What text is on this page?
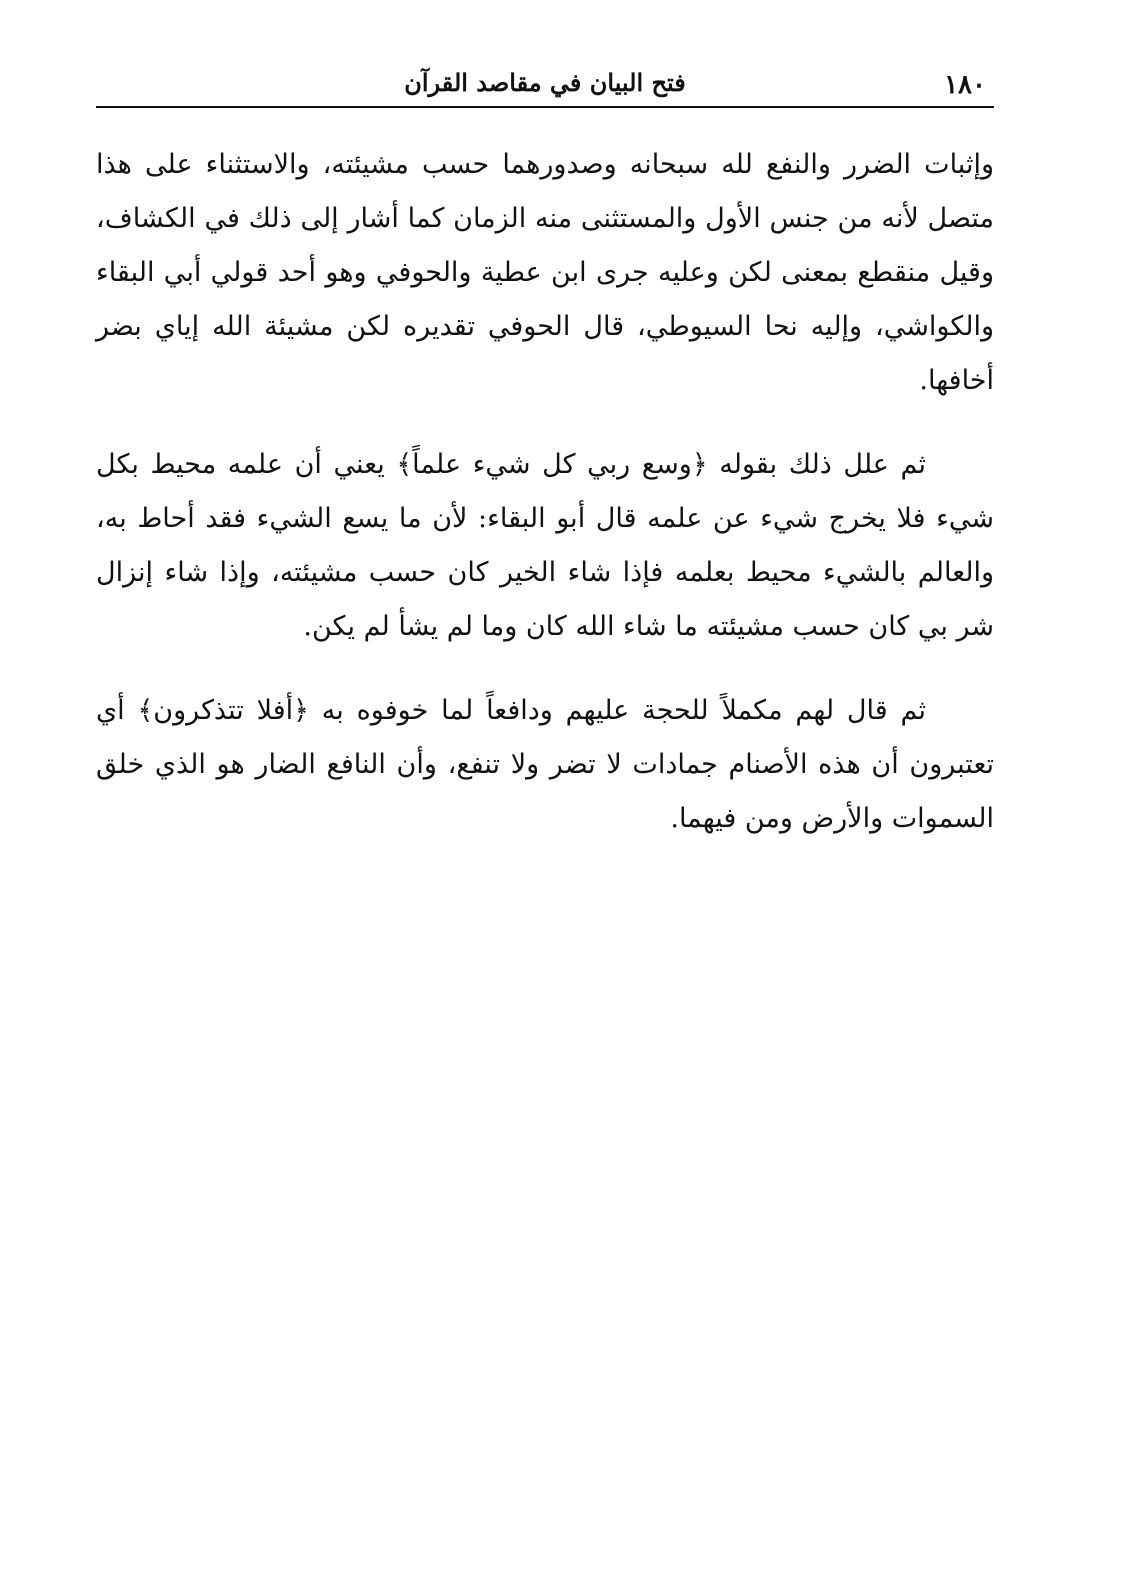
١٨٠
فتح البيان في مقاصد القرآن

وإثبات الضرر والنفع لله سبحانه وصدورهما حسب مشيئته، والاستثناء على هذا متصل لأنه من جنس الأول والمستثنى منه الزمان كما أشار إلى ذلك في الكشاف، وقيل منقطع بمعنى لكن وعليه جرى ابن عطية والحوفي وهو أحد قولي أبي البقاء والكواشي، وإليه نحا السيوطي، قال الحوفي تقديره لكن مشيئة الله إياي بضر أخافها.

ثم علل ذلك بقوله ﴿وسع ربي كل شيء علماً﴾ يعني أن علمه محيط بكل شيء فلا يخرج شيء عن علمه قال أبو البقاء: لأن ما يسع الشيء فقد أحاط به، والعالم بالشيء محيط بعلمه فإذا شاء الخير كان حسب مشيئته، وإذا شاء إنزال شر بي كان حسب مشيئته ما شاء الله كان وما لم يشأ لم يكن.

ثم قال لهم مكملاً للحجة عليهم ودافعاً لما خوفوه به ﴿أفلا تتذكرون﴾ أي تعتبرون أن هذه الأصنام جمادات لا تضر ولا تنفع، وأن النافع الضار هو الذي خلق السموات والأرض ومن فيهما.
